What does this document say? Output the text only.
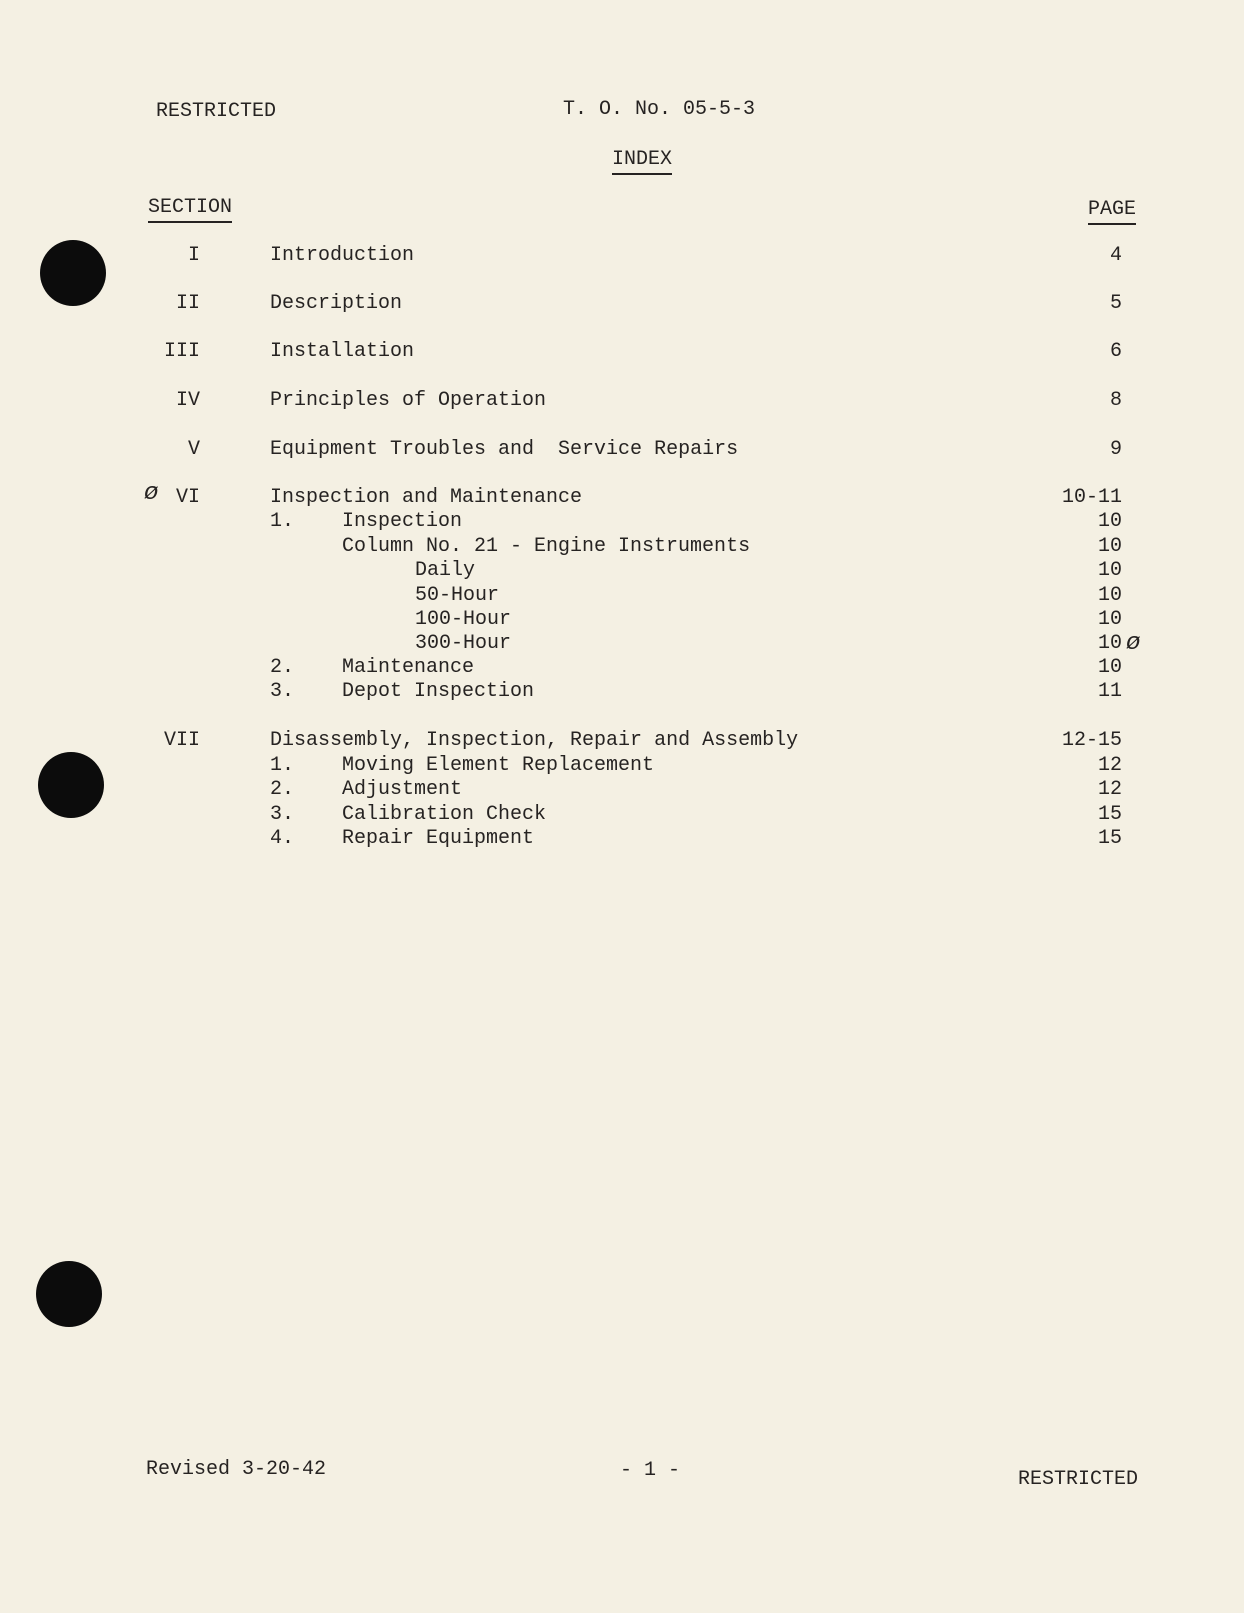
RESTRICTED	T. O. No. 05-5-3
INDEX
SECTION	PAGE
I	Introduction	4
II	Description	5
III	Installation	6
IV	Principles of Operation	8
V	Equipment Troubles and  Service Repairs	9
VI	Inspection and Maintenance	10-11
1. Inspection	10
Column No. 21 - Engine Instruments	10
Daily	10
50-Hour	10
100-Hour	10
300-Hour	10
2. Maintenance	10
3. Depot Inspection	11
VII	Disassembly, Inspection, Repair and Assembly	12-15
1. Moving Element Replacement	12
2. Adjustment	12
3. Calibration Check	15
4. Repair Equipment	15
ø
ø
Revised 3-20-42	- 1 -	RESTRICTED
